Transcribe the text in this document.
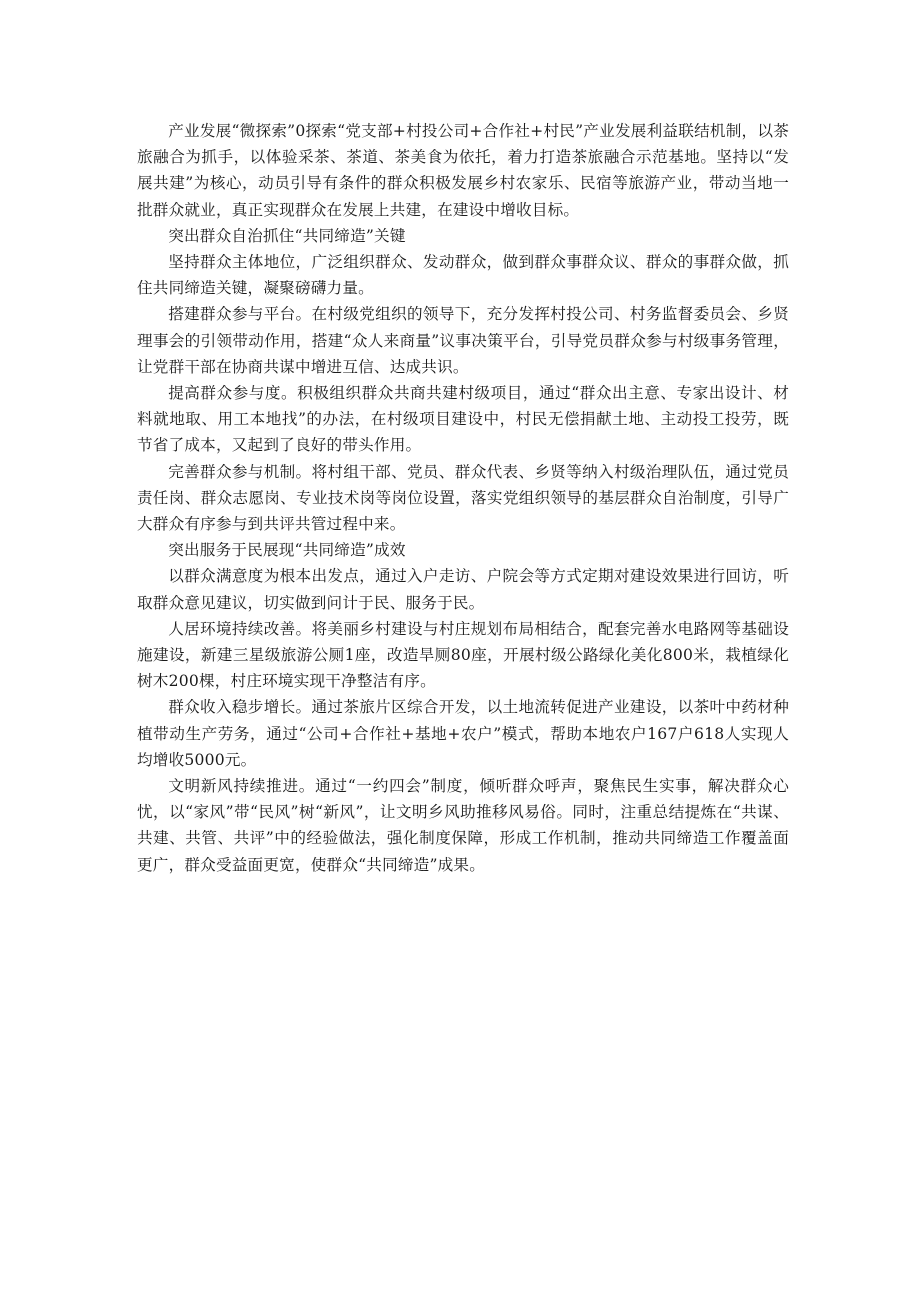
产业发展“微探索”0探索“党支部+村投公司+合作社+村民”产业发展利益联结机制，以茶旅融合为抓手，以体验采茶、茶道、茶美食为依托，着力打造茶旅融合示范基地。坚持以“发展共建”为核心，动员引导有条件的群众积极发展乡村农家乐、民宿等旅游产业，带动当地一批群众就业，真正实现群众在发展上共建，在建设中增收目标。

突出群众自治抓住“共同缔造”关键

坚持群众主体地位，广泛组织群众、发动群众，做到群众事群众议、群众的事群众做，抓住共同缔造关键，凝聚磅礴力量。

搭建群众参与平台。在村级党组织的领导下，充分发挥村投公司、村务监督委员会、乡贤理事会的引领带动作用，搭建“众人来商量”议事决策平台，引导党员群众参与村级事务管理，让党群干部在协商共谋中增进互信、达成共识。

提高群众参与度。积极组织群众共商共建村级项目，通过“群众出主意、专家出设计、材料就地取、用工本地找”的办法，在村级项目建设中，村民无偿捐献土地、主动投工投劳，既节省了成本，又起到了良好的带头作用。

完善群众参与机制。将村组干部、党员、群众代表、乡贤等纳入村级治理队伍，通过党员责任岗、群众志愿岗、专业技术岗等岗位设置，落实党组织领导的基层群众自治制度，引导广大群众有序参与到共评共管过程中来。

突出服务于民展现“共同缔造”成效

以群众满意度为根本出发点，通过入户走访、户院会等方式定期对建设效果进行回访，听取群众意见建议，切实做到问计于民、服务于民。

人居环境持续改善。将美丽乡村建设与村庄规划布局相结合，配套完善水电路网等基础设施建设，新建三星级旅游公厕1座，改造旱厕80座，开展村级公路绿化美化800米，栽植绿化树木200棵，村庄环境实现干净整洁有序。

群众收入稳步增长。通过茶旅片区综合开发，以土地流转促进产业建设，以茶叶中药材种植带动生产劳务，通过“公司+合作社+基地+农户”模式，帮助本地农户167户618人实现人均增收5000元。

文明新风持续推进。通过“一约四会”制度，倾听群众呼声，聚焦民生实事，解决群众心忧，以“家风”带“民风”树“新风”，让文明乡风助推移风易俗。同时，注重总结提炼在“共谋、共建、共管、共评”中的经验做法，强化制度保障，形成工作机制，推动共同缔造工作覆盖面更广，群众受益面更宽，使群众“共同缔造”成果。
